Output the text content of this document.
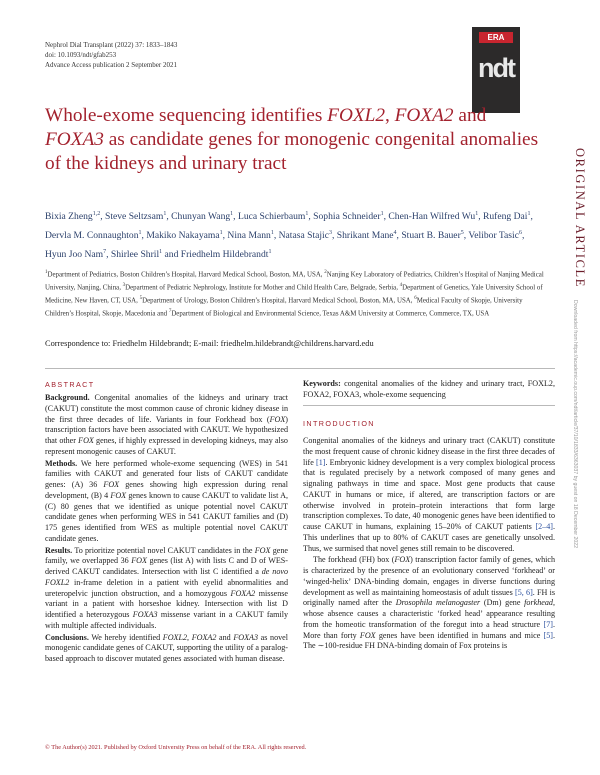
Nephrol Dial Transplant (2022) 37: 1833–1843
doi: 10.1093/ndt/gfab253
Advance Access publication 2 September 2021
ERA
ndt
ORIGINAL ARTICLE
Downloaded from https://academic.oup.com/ndt/article/37/10/1833/6363037 by guest on 18 December 2022
Whole-exome sequencing identifies FOXL2, FOXA2 and
FOXA3 as candidate genes for monogenic congenital anomalies of the kidneys and urinary tract
Bixia Zheng$^{1,2}$, Steve Seltzsam$^1$, Chunyan Wang$^1$, Luca Schierbaum$^1$, Sophia Schneider$^1$, Chen-Han Wilfred Wu$^1$, Rufeng Dai$^1$, Dervla M. Connaughton$^1$, Makiko Nakayama$^1$, Nina Mann$^1$, Natasa Stajic$^3$, Shrikant Mane$^4$, Stuart B. Bauer$^5$, Velibor Tasic$^6$, Hyun Joo Nam$^7$, Shirlee Shril$^1$ and Friedhelm Hildebrandt$^1$
$^1$Department of Pediatrics, Boston Children’s Hospital, Harvard Medical School, Boston, MA, USA, $^2$Nanjing Key Laboratory of Pediatrics, Children’s Hospital of Nanjing Medical University, Nanjing, China, $^3$Department of Pediatric Nephrology, Institute for Mother and Child Health Care, Belgrade, Serbia, $^4$Department of Genetics, Yale University School of Medicine, New Haven, CT, USA, $^5$Department of Urology, Boston Children’s Hospital, Harvard Medical School, Boston, MA, USA, $^6$Medical Faculty of Skopje, University Children’s Hospital, Skopje, Macedonia and $^7$Department of Biological and Environmental Science, Texas A&M University at Commerce, Commerce, TX, USA
Correspondence to: Friedhelm Hildebrandt; E-mail: friedhelm.hildebrandt@childrens.harvard.edu
ABSTRACT

Background. Congenital anomalies of the kidneys and urinary tract (CAKUT) constitute the most common cause of chronic kidney disease in the first three decades of life. Variants in four Forkhead box (FOX) transcription factors have been associated with CAKUT. We hypothesized that other FOX genes, if highly expressed in developing kidneys, may also represent monogenic causes of CAKUT.

Methods. We here performed whole-exome sequencing (WES) in 541 families with CAKUT and generated four lists of CAKUT candidate genes: (A) 36 FOX genes showing high expression during renal development, (B) 4 FOX genes known to cause CAKUT to validate list A, (C) 80 genes that we identified as unique potential novel CAKUT candidate genes when performing WES in 541 CAKUT families and (D) 175 genes identified from WES as multiple potential novel CAKUT candidate genes.

Results. To prioritize potential novel CAKUT candidates in the FOX gene family, we overlapped 36 FOX genes (list A) with lists C and D of WES-derived CAKUT candidates. Intersection with list C identified a de novo FOXL2 in-frame deletion in a patient with eyelid abnormalities and ureteropelvic junction obstruction, and a homozygous FOXA2 missense variant in a patient with horseshoe kidney. Intersection with list D identified a heterozygous FOXA3 missense variant in a CAKUT family with multiple affected individuals.

Conclusions. We hereby identified FOXL2, FOXA2 and FOXA3 as novel monogenic candidate genes of CAKUT, supporting the utility of a paralog-based approach to discover mutated genes associated with human disease.

Keywords: congenital anomalies of the kidney and urinary tract, FOXL2, FOXA2, FOXA3, whole-exome sequencing
INTRODUCTION

Congenital anomalies of the kidneys and urinary tract (CAKUT) constitute the most frequent cause of chronic kidney disease in the first three decades of life [1]. Embryonic kidney development is a very complex biological process that is regulated precisely by a network composed of many genes and signaling pathways in time and space. Most gene products that cause CAKUT in humans or mice, if altered, are transcription factors or are otherwise involved in protein–protein interactions that form large transcription complexes. To date, 40 monogenic genes have been identified to cause CAKUT in humans, explaining 15–20% of CAKUT patients [2–4]. This underlines that up to 80% of CAKUT cases are genetically unsolved. Thus, we surmised that novel genes still remain to be discovered.

The forkhead (FH) box (FOX) transcription factor family of genes, which is characterized by the presence of an evolutionary conserved ‘forkhead’ or ‘winged-helix’ DNA-binding domain, engages in diverse functions during development as well as maintaining homeostasis of adult tissues [5, 6]. FH is originally named after the Drosophila melanogaster (Dm) gene forkhead, whose absence causes a characteristic ‘forked head’ appearance resulting from the homeotic transformation of the foregut into a head structure [7]. More than forty FOX genes have been identified in humans and mice [5]. The ∼100-residue FH DNA-binding domain of Fox proteins is

© The Author(s) 2021. Published by Oxford University Press on behalf of the ERA. All rights reserved.
